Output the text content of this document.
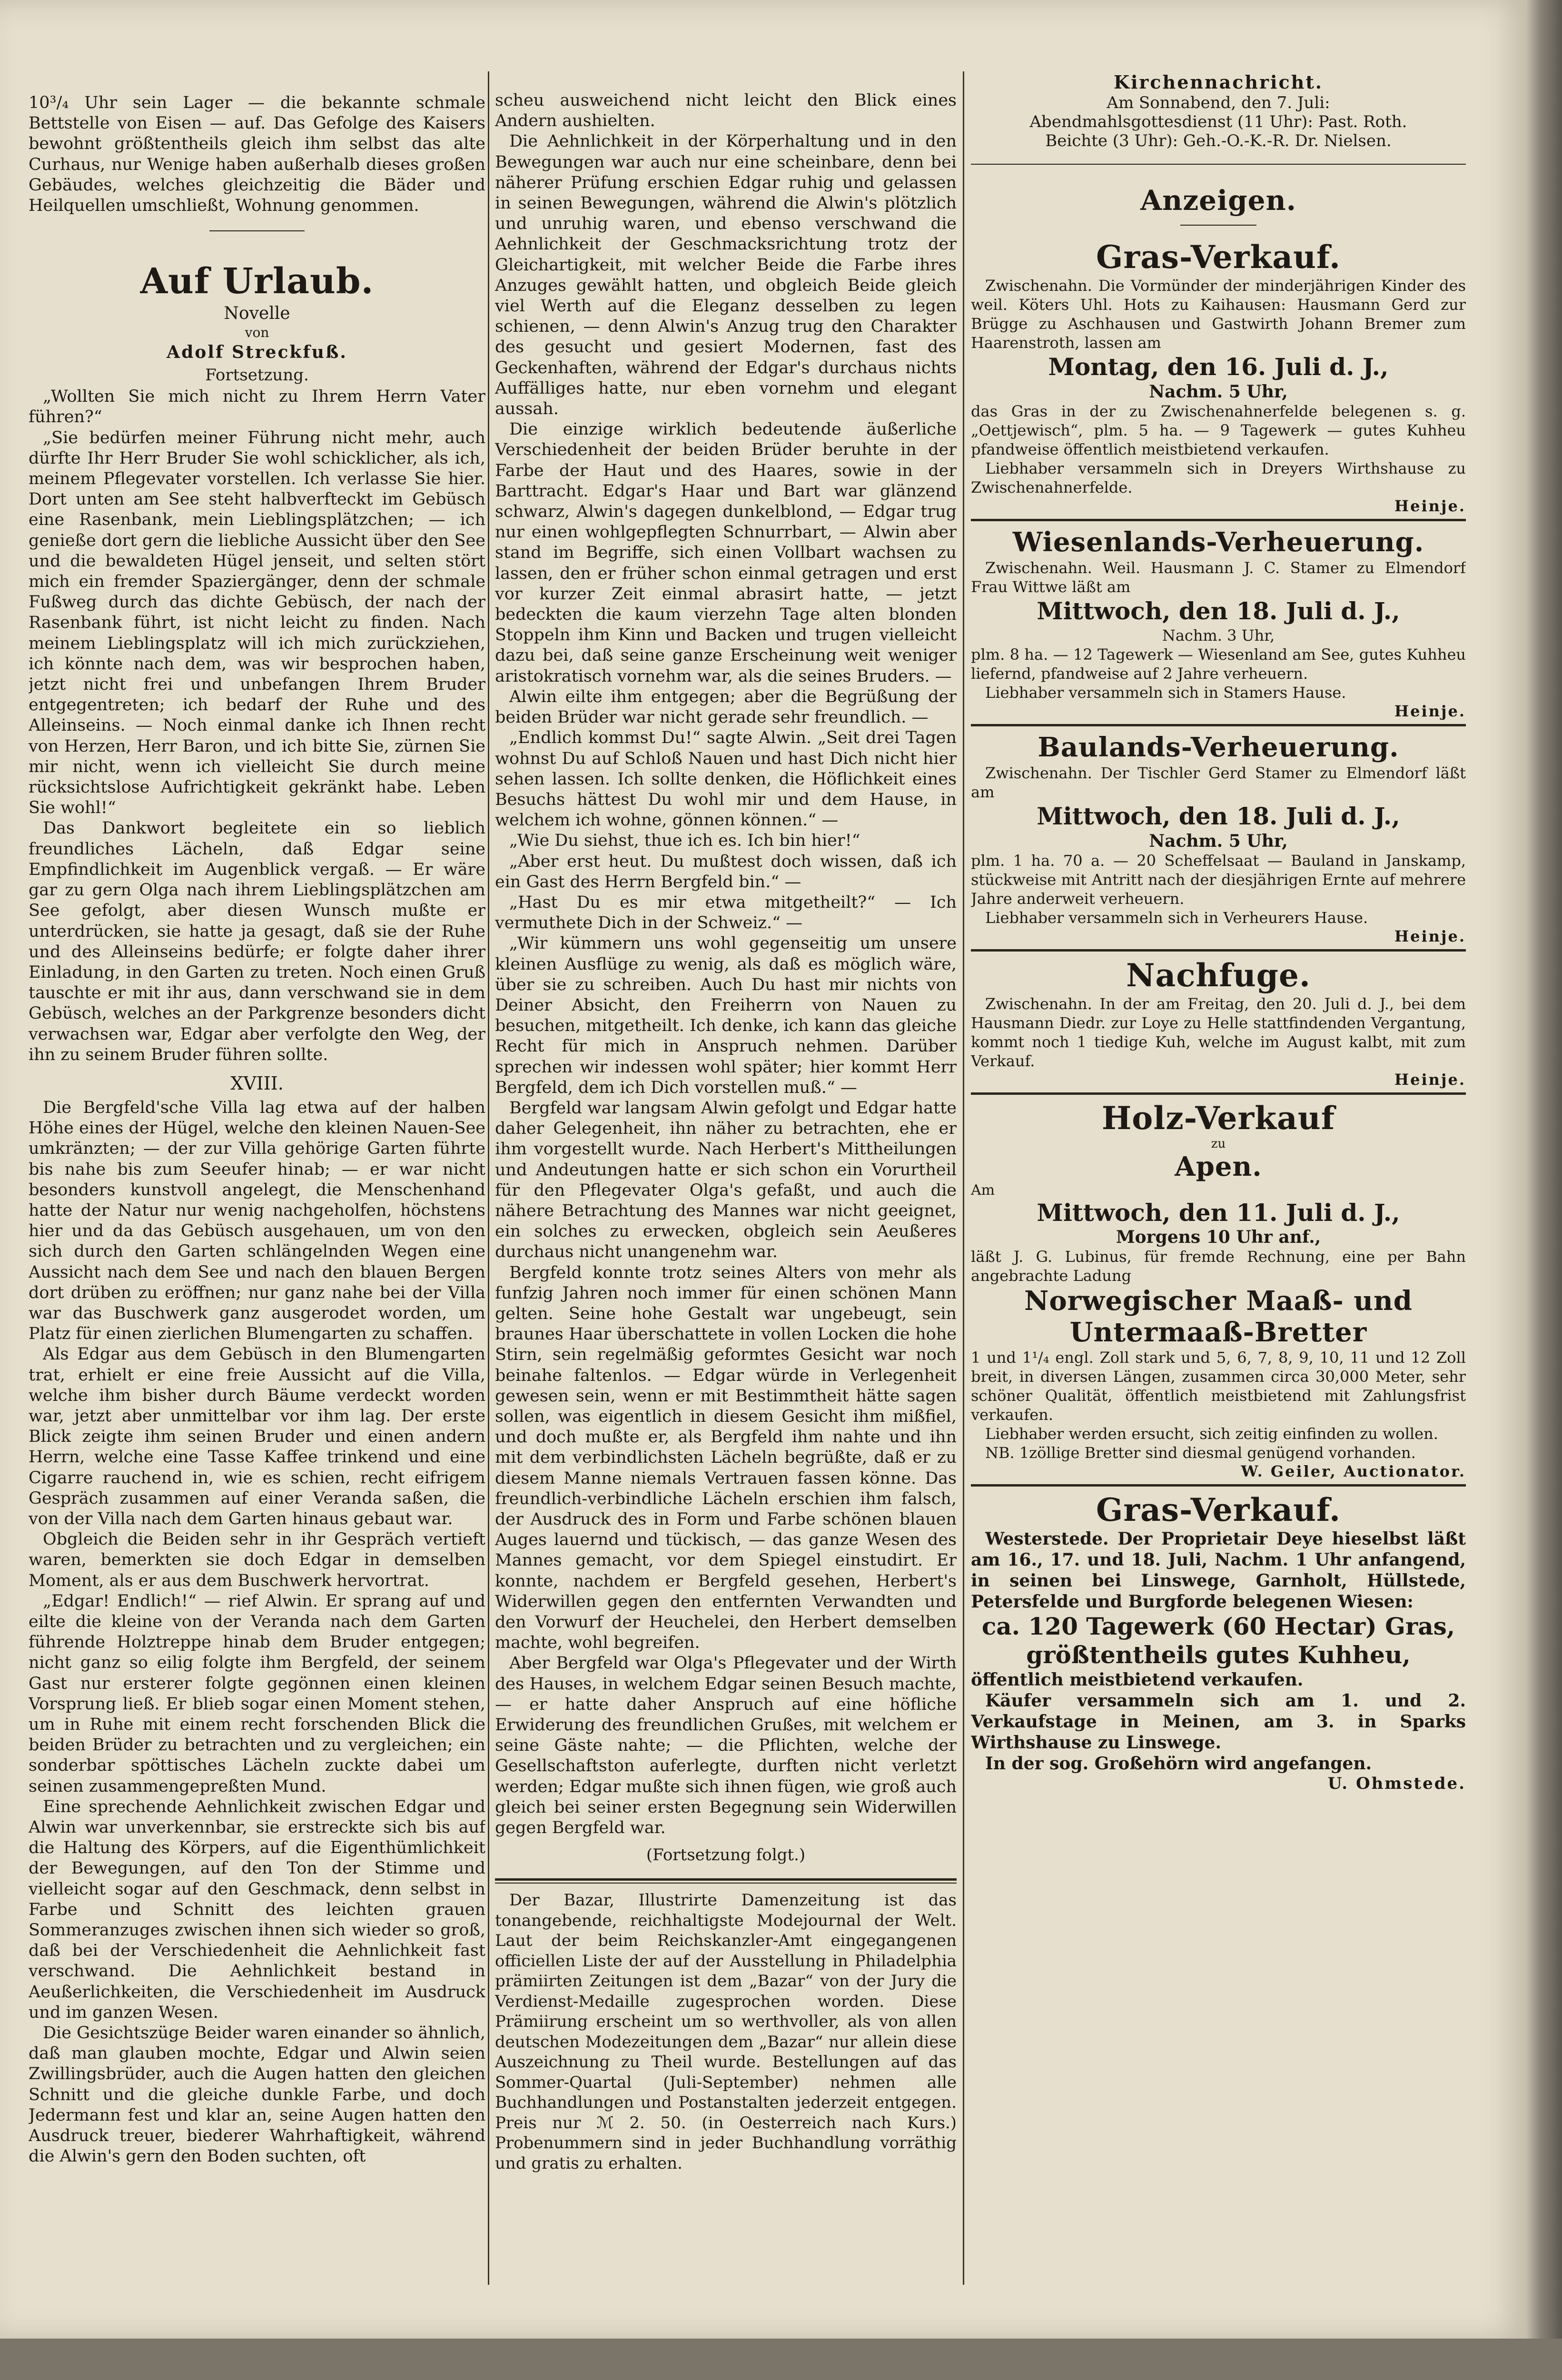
10³/₄ Uhr sein Lager — die bekannte schmale Bettstelle von Eisen — auf. Das Gefolge des Kaisers bewohnt größtentheils gleich ihm selbst das alte Curhaus, nur Wenige haben außerhalb dieses großen Gebäudes, welches gleichzeitig die Bäder und Heilquellen umschließt, Wohnung genommen.

Auf Urlaub.
Novelle
von
Adolf Streckfuß.
Fortsetzung.

„Wollten Sie mich nicht zu Ihrem Herrn Vater führen?“

„Sie bedürfen meiner Führung nicht mehr, auch dürfte Ihr Herr Bruder Sie wohl schicklicher, als ich, meinem Pflegevater vorstellen. Ich verlasse Sie hier. Dort unten am See steht halbverfteckt im Gebüsch eine Rasenbank, mein Lieblingsplätzchen; — ich genieße dort gern die liebliche Aussicht über den See und die bewaldeten Hügel jenseit, und selten stört mich ein fremder Spaziergänger, denn der schmale Fußweg durch das dichte Gebüsch, der nach der Rasenbank führt, ist nicht leicht zu finden. Nach meinem Lieblingsplatz will ich mich zurückziehen, ich könnte nach dem, was wir besprochen haben, jetzt nicht frei und unbefangen Ihrem Bruder entgegentreten; ich bedarf der Ruhe und des Alleinseins. — Noch einmal danke ich Ihnen recht von Herzen, Herr Baron, und ich bitte Sie, zürnen Sie mir nicht, wenn ich vielleicht Sie durch meine rücksichtslose Aufrichtigkeit gekränkt habe. Leben Sie wohl!“

Das Dankwort begleitete ein so lieblich freundliches Lächeln, daß Edgar seine Empfindlichkeit im Augenblick vergaß. — Er wäre gar zu gern Olga nach ihrem Lieblingsplätzchen am See gefolgt, aber diesen Wunsch mußte er unterdrücken, sie hatte ja gesagt, daß sie der Ruhe und des Alleinseins bedürfe; er folgte daher ihrer Einladung, in den Garten zu treten. Noch einen Gruß tauschte er mit ihr aus, dann verschwand sie in dem Gebüsch, welches an der Parkgrenze besonders dicht verwachsen war, Edgar aber verfolgte den Weg, der ihn zu seinem Bruder führen sollte.

XVIII.

Die Bergfeld'sche Villa lag etwa auf der halben Höhe eines der Hügel, welche den kleinen Nauen-See umkränzten; — der zur Villa gehörige Garten führte bis nahe bis zum Seeufer hinab; — er war nicht besonders kunstvoll angelegt, die Menschenhand hatte der Natur nur wenig nachgeholfen, höchstens hier und da das Gebüsch ausgehauen, um von den sich durch den Garten schlängelnden Wegen eine Aussicht nach dem See und nach den blauen Bergen dort drüben zu eröffnen; nur ganz nahe bei der Villa war das Buschwerk ganz ausgerodet worden, um Platz für einen zierlichen Blumengarten zu schaffen.

Als Edgar aus dem Gebüsch in den Blumengarten trat, erhielt er eine freie Aussicht auf die Villa, welche ihm bisher durch Bäume verdeckt worden war, jetzt aber unmittelbar vor ihm lag. Der erste Blick zeigte ihm seinen Bruder und einen andern Herrn, welche eine Tasse Kaffee trinkend und eine Cigarre rauchend in, wie es schien, recht eifrigem Gespräch zusammen auf einer Veranda saßen, die von der Villa nach dem Garten hinaus gebaut war.

Obgleich die Beiden sehr in ihr Gespräch vertieft waren, bemerkten sie doch Edgar in demselben Moment, als er aus dem Buschwerk hervortrat.

„Edgar! Endlich!“ — rief Alwin. Er sprang auf und eilte die kleine von der Veranda nach dem Garten führende Holztreppe hinab dem Bruder entgegen; nicht ganz so eilig folgte ihm Bergfeld, der seinem Gast nur ersterer folgte gegönnen einen kleinen Vorsprung ließ. Er blieb sogar einen Moment stehen, um in Ruhe mit einem recht forschenden Blick die beiden Brüder zu betrachten und zu vergleichen; ein sonderbar spöttisches Lächeln zuckte dabei um seinen zusammengepreßten Mund.

Eine sprechende Aehnlichkeit zwischen Edgar und Alwin war unverkennbar, sie erstreckte sich bis auf die Haltung des Körpers, auf die Eigenthümlichkeit der Bewegungen, auf den Ton der Stimme und vielleicht sogar auf den Geschmack, denn selbst in Farbe und Schnitt des leichten grauen Sommeranzuges zwischen ihnen sich wieder so groß, daß bei der Verschiedenheit die Aehnlichkeit fast verschwand. Die Aehnlichkeit bestand in Aeußerlichkeiten, die Verschiedenheit im Ausdruck und im ganzen Wesen.

Die Gesichtszüge Beider waren einander so ähnlich, daß man glauben mochte, Edgar und Alwin seien Zwillingsbrüder, auch die Augen hatten den gleichen Schnitt und die gleiche dunkle Farbe, und doch Jedermann fest und klar an, seine Augen hatten den Ausdruck treuer, biederer Wahrhaftigkeit, während die Alwin's gern den Boden suchten, oft

scheu ausweichend nicht leicht den Blick eines Andern aushielten.

Die Aehnlichkeit in der Körperhaltung und in den Bewegungen war auch nur eine scheinbare, denn bei näherer Prüfung erschien Edgar ruhig und gelassen in seinen Bewegungen, während die Alwin's plötzlich und unruhig waren, und ebenso verschwand die Aehnlichkeit der Geschmacksrichtung trotz der Gleichartigkeit, mit welcher Beide die Farbe ihres Anzuges gewählt hatten, und obgleich Beide gleich viel Werth auf die Eleganz desselben zu legen schienen, — denn Alwin's Anzug trug den Charakter des gesucht und gesiert Modernen, fast des Geckenhaften, während der Edgar's durchaus nichts Auffälliges hatte, nur eben vornehm und elegant aussah.

Die einzige wirklich bedeutende äußerliche Verschiedenheit der beiden Brüder beruhte in der Farbe der Haut und des Haares, sowie in der Barttracht. Edgar's Haar und Bart war glänzend schwarz, Alwin's dagegen dunkelblond, — Edgar trug nur einen wohlgepflegten Schnurrbart, — Alwin aber stand im Begriffe, sich einen Vollbart wachsen zu lassen, den er früher schon einmal getragen und erst vor kurzer Zeit einmal abrasirt hatte, — jetzt bedeckten die kaum vierzehn Tage alten blonden Stoppeln ihm Kinn und Backen und trugen vielleicht dazu bei, daß seine ganze Erscheinung weit weniger aristokratisch vornehm war, als die seines Bruders. —

Alwin eilte ihm entgegen; aber die Begrüßung der beiden Brüder war nicht gerade sehr freundlich. —

„Endlich kommst Du!“ sagte Alwin. „Seit drei Tagen wohnst Du auf Schloß Nauen und hast Dich nicht hier sehen lassen. Ich sollte denken, die Höflichkeit eines Besuchs hättest Du wohl mir und dem Hause, in welchem ich wohne, gönnen können.“ —

„Wie Du siehst, thue ich es. Ich bin hier!“

„Aber erst heut. Du mußtest doch wissen, daß ich ein Gast des Herrn Bergfeld bin.“ —

„Hast Du es mir etwa mitgetheilt?“ — Ich vermuthete Dich in der Schweiz.“ —

„Wir kümmern uns wohl gegenseitig um unsere kleinen Ausflüge zu wenig, als daß es möglich wäre, über sie zu schreiben. Auch Du hast mir nichts von Deiner Absicht, den Freiherrn von Nauen zu besuchen, mitgetheilt. Ich denke, ich kann das gleiche Recht für mich in Anspruch nehmen. Darüber sprechen wir indessen wohl später; hier kommt Herr Bergfeld, dem ich Dich vorstellen muß.“ —

Bergfeld war langsam Alwin gefolgt und Edgar hatte daher Gelegenheit, ihn näher zu betrachten, ehe er ihm vorgestellt wurde. Nach Herbert's Mittheilungen und Andeutungen hatte er sich schon ein Vorurtheil für den Pflegevater Olga's gefaßt, und auch die nähere Betrachtung des Mannes war nicht geeignet, ein solches zu erwecken, obgleich sein Aeußeres durchaus nicht unangenehm war.

Bergfeld konnte trotz seines Alters von mehr als funfzig Jahren noch immer für einen schönen Mann gelten. Seine hohe Gestalt war ungebeugt, sein braunes Haar überschattete in vollen Locken die hohe Stirn, sein regelmäßig geformtes Gesicht war noch beinahe faltenlos. — Edgar würde in Verlegenheit gewesen sein, wenn er mit Bestimmtheit hätte sagen sollen, was eigentlich in diesem Gesicht ihm mißfiel, und doch mußte er, als Bergfeld ihm nahte und ihn mit dem verbindlichsten Lächeln begrüßte, daß er zu diesem Manne niemals Vertrauen fassen könne. Das freundlich-verbindliche Lächeln erschien ihm falsch, der Ausdruck des in Form und Farbe schönen blauen Auges lauernd und tückisch, — das ganze Wesen des Mannes gemacht, vor dem Spiegel einstudirt. Er konnte, nachdem er Bergfeld gesehen, Herbert's Widerwillen gegen den entfernten Verwandten und den Vorwurf der Heuchelei, den Herbert demselben machte, wohl begreifen.

Aber Bergfeld war Olga's Pflegevater und der Wirth des Hauses, in welchem Edgar seinen Besuch machte, — er hatte daher Anspruch auf eine höfliche Erwiderung des freundlichen Grußes, mit welchem er seine Gäste nahte; — die Pflichten, welche der Gesellschaftston auferlegte, durften nicht verletzt werden; Edgar mußte sich ihnen fügen, wie groß auch gleich bei seiner ersten Begegnung sein Widerwillen gegen Bergfeld war.

(Fortsetzung folgt.)

Der Bazar, Illustrirte Damenzeitung ist das tonangebende, reichhaltigste Modejournal der Welt. Laut der beim Reichskanzler-Amt eingegangenen officiellen Liste der auf der Ausstellung in Philadelphia prämiirten Zeitungen ist dem „Bazar“ von der Jury die Verdienst-Medaille zugesprochen worden. Diese Prämiirung erscheint um so werthvoller, als von allen deutschen Modezeitungen dem „Bazar“ nur allein diese Auszeichnung zu Theil wurde. Bestellungen auf das Sommer-Quartal (Juli-September) nehmen alle Buchhandlungen und Postanstalten jederzeit entgegen. Preis nur ℳ 2. 50. (in Oesterreich nach Kurs.) Probenummern sind in jeder Buchhandlung vorräthig und gratis zu erhalten.

Kirchennachricht.
Am Sonnabend, den 7. Juli:
Abendmahlsgottesdienst (11 Uhr): Past. Roth.
Beichte (3 Uhr): Geh.-O.-K.-R. Dr. Nielsen.
Anzeigen.
Gras-Verkauf.

Zwischenahn. Die Vormünder der minderjährigen Kinder des weil. Köters Uhl. Hots zu Kaihausen: Hausmann Gerd zur Brügge zu Aschhausen und Gastwirth Johann Bremer zum Haarenstroth, lassen am

Montag, den 16. Juli d. J.,
Nachm. 5 Uhr,

das Gras in der zu Zwischenahnerfelde belegenen s. g. „Oettjewisch“, plm. 5 ha. — 9 Tagewerk — gutes Kuhheu pfandweise öffentlich meistbietend verkaufen.

Liebhaber versammeln sich in Dreyers Wirthshause zu Zwischenahnerfelde.

Heinje.
Wiesenlands-Verheuerung.

Zwischenahn. Weil. Hausmann J. C. Stamer zu Elmendorf Frau Wittwe läßt am

Mittwoch, den 18. Juli d. J.,
Nachm. 3 Uhr,

plm. 8 ha. — 12 Tagewerk — Wiesenland am See, gutes Kuhheu liefernd, pfandweise auf 2 Jahre verheuern.

Liebhaber versammeln sich in Stamers Hause.

Heinje.
Baulands-Verheuerung.

Zwischenahn. Der Tischler Gerd Stamer zu Elmendorf läßt am

Mittwoch, den 18. Juli d. J.,
Nachm. 5 Uhr,

plm. 1 ha. 70 a. — 20 Scheffelsaat — Bauland in Janskamp, stückweise mit Antritt nach der diesjährigen Ernte auf mehrere Jahre anderweit verheuern.

Liebhaber versammeln sich in Verheurers Hause.

Heinje.
Nachfuge.

Zwischenahn. In der am Freitag, den 20. Juli d. J., bei dem Hausmann Diedr. zur Loye zu Helle stattfindenden Vergantung, kommt noch 1 tiedige Kuh, welche im August kalbt, mit zum Verkauf.

Heinje.
Holz-Verkauf
zu
Apen.
Am
Mittwoch, den 11. Juli d. J.,
Morgens 10 Uhr anf.,

läßt J. G. Lubinus, für fremde Rechnung, eine per Bahn angebrachte Ladung

Norwegischer Maaß- und Untermaaß-Bretter

1 und 1¹/₄ engl. Zoll stark und 5, 6, 7, 8, 9, 10, 11 und 12 Zoll breit, in diversen Längen, zusammen circa 30,000 Meter, sehr schöner Qualität, öffentlich meistbietend mit Zahlungsfrist verkaufen.

Liebhaber werden ersucht, sich zeitig einfinden zu wollen.

NB. 1zöllige Bretter sind diesmal genügend vorhanden.

W. Geiler, Auctionator.
Gras-Verkauf.

Westerstede. Der Proprietair Deye hieselbst läßt am 16., 17. und 18. Juli, Nachm. 1 Uhr anfangend, in seinen bei Linswege, Garnholt, Hüllstede, Petersfelde und Burgforde belegenen Wiesen:

ca. 120 Tagewerk (60 Hectar) Gras, größtentheils gutes Kuhheu,

öffentlich meistbietend verkaufen.

Käufer versammeln sich am 1. und 2. Verkaufstage in Meinen, am 3. in Sparks Wirthshause zu Linswege.

In der sog. Großehörn wird angefangen.

U. Ohmstede.
